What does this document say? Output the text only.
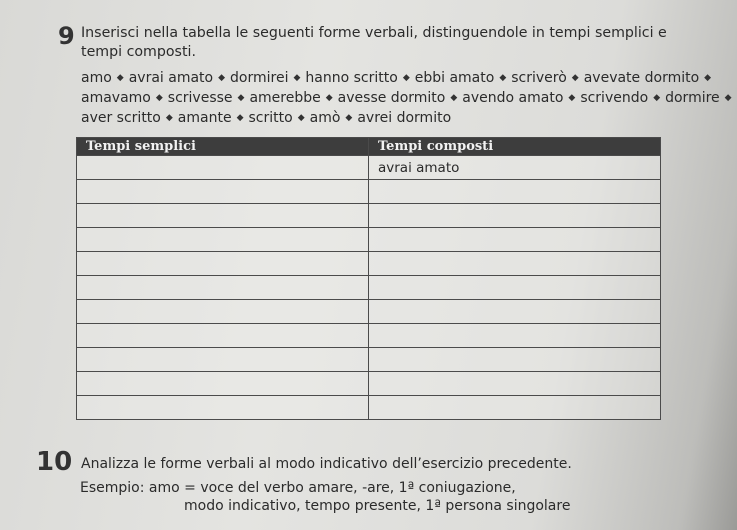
9 Inserisci nella tabella le seguenti forme verbali, distinguendole in tempi semplici e tempi composti.
amo ◆ avrai amato ◆ dormirei ◆ hanno scritto ◆ ebbi amato ◆ scriverò ◆ avevate dormito ◆
amavamo ◆ scrivesse ◆ amerebbe ◆ avesse dormito ◆ avendo amato ◆ scrivendo ◆ dormire ◆
aver scritto ◆ amante ◆ scritto ◆ amò ◆ avrei dormito
Tempi semplici	Tempi composti
	avrai amato

10 Analizza le forme verbali al modo indicativo dell’esercizio precedente.
Esempio: amo = voce del verbo amare, -are, 1ª coniugazione,
modo indicativo, tempo presente, 1ª persona singolare
